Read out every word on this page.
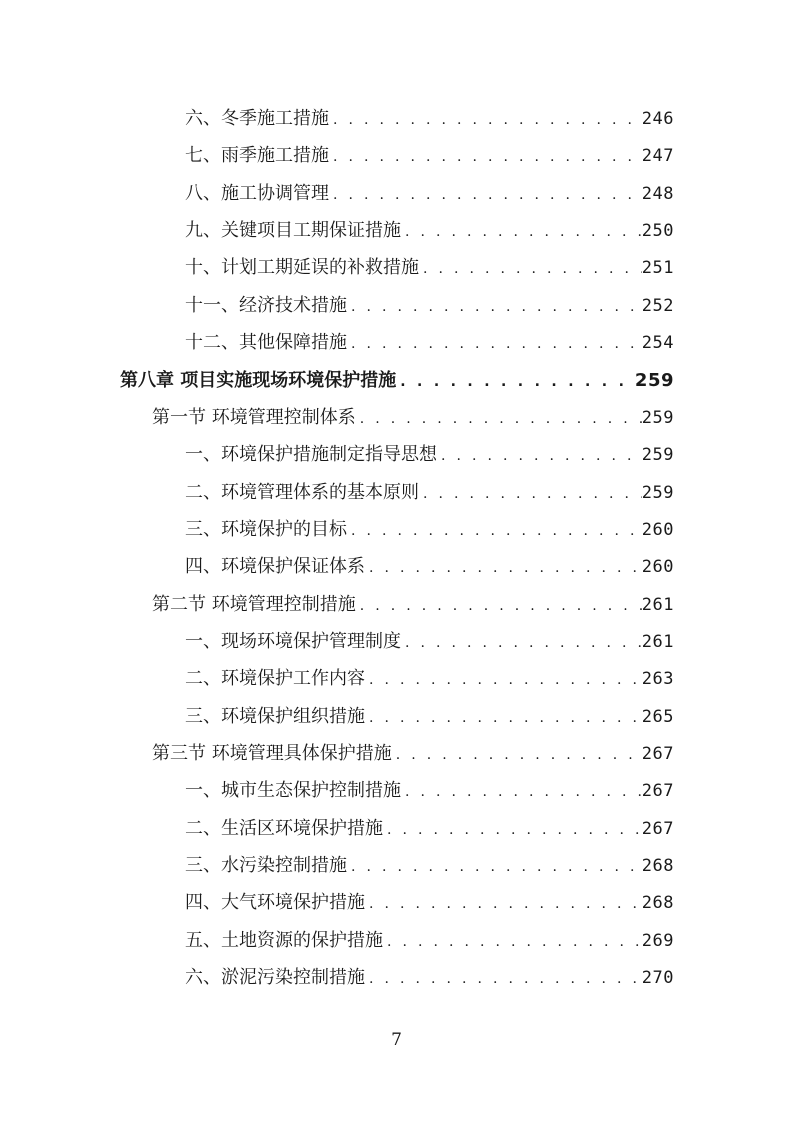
六、冬季施工措施 . . .	246
七、雨季施工措施 . . .	247
八、施工协调管理 . . .	248
九、关键项目工期保证措施 . . .	250
十、计划工期延误的补救措施 . . .	251
十一、经济技术措施 . . .	252
十二、其他保障措施 . . .	254
第八章 项目实施现场环境保护措施 . . .	259
第一节 环境管理控制体系 . . .	259
一、环境保护措施制定指导思想 . . .	259
二、环境管理体系的基本原则 . . .	259
三、环境保护的目标 . . .	260
四、环境保护保证体系 . . .	260
第二节 环境管理控制措施 . . .	261
一、现场环境保护管理制度 . . .	261
二、环境保护工作内容 . . .	263
三、环境保护组织措施 . . .	265
第三节 环境管理具体保护措施 . . .	267
一、城市生态保护控制措施 . . .	267
二、生活区环境保护措施 . . .	267
三、水污染控制措施 . . .	268
四、大气环境保护措施 . . .	268
五、土地资源的保护措施 . . .	269
六、淤泥污染控制措施 . . .	270
7
